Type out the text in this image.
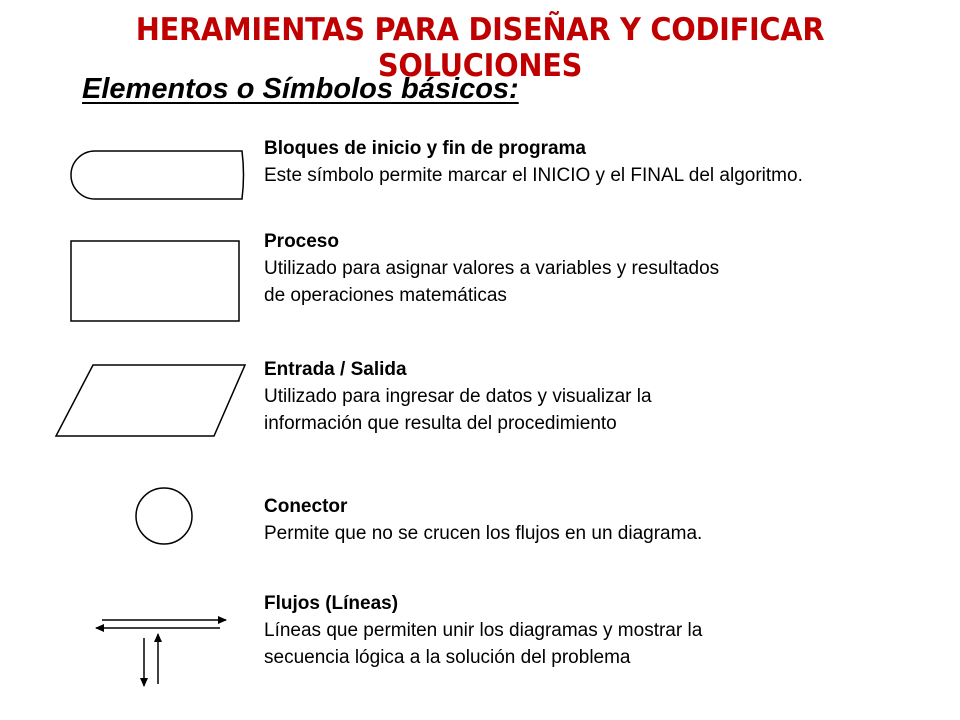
HERAMIENTAS PARA DISEÑAR Y CODIFICAR SOLUCIONES
Elementos o Símbolos básicos:
Bloques de inicio y fin de programa
Este símbolo permite marcar el INICIO y el FINAL del algoritmo.
Proceso
Utilizado para asignar valores a variables y resultados
de operaciones matemáticas
Entrada / Salida
Utilizado para ingresar de datos y visualizar la
información que resulta del procedimiento
Conector
Permite que no se crucen los flujos en un diagrama.
Flujos (Líneas)
Líneas que permiten unir los diagramas y mostrar la
secuencia lógica a la solución del problema
